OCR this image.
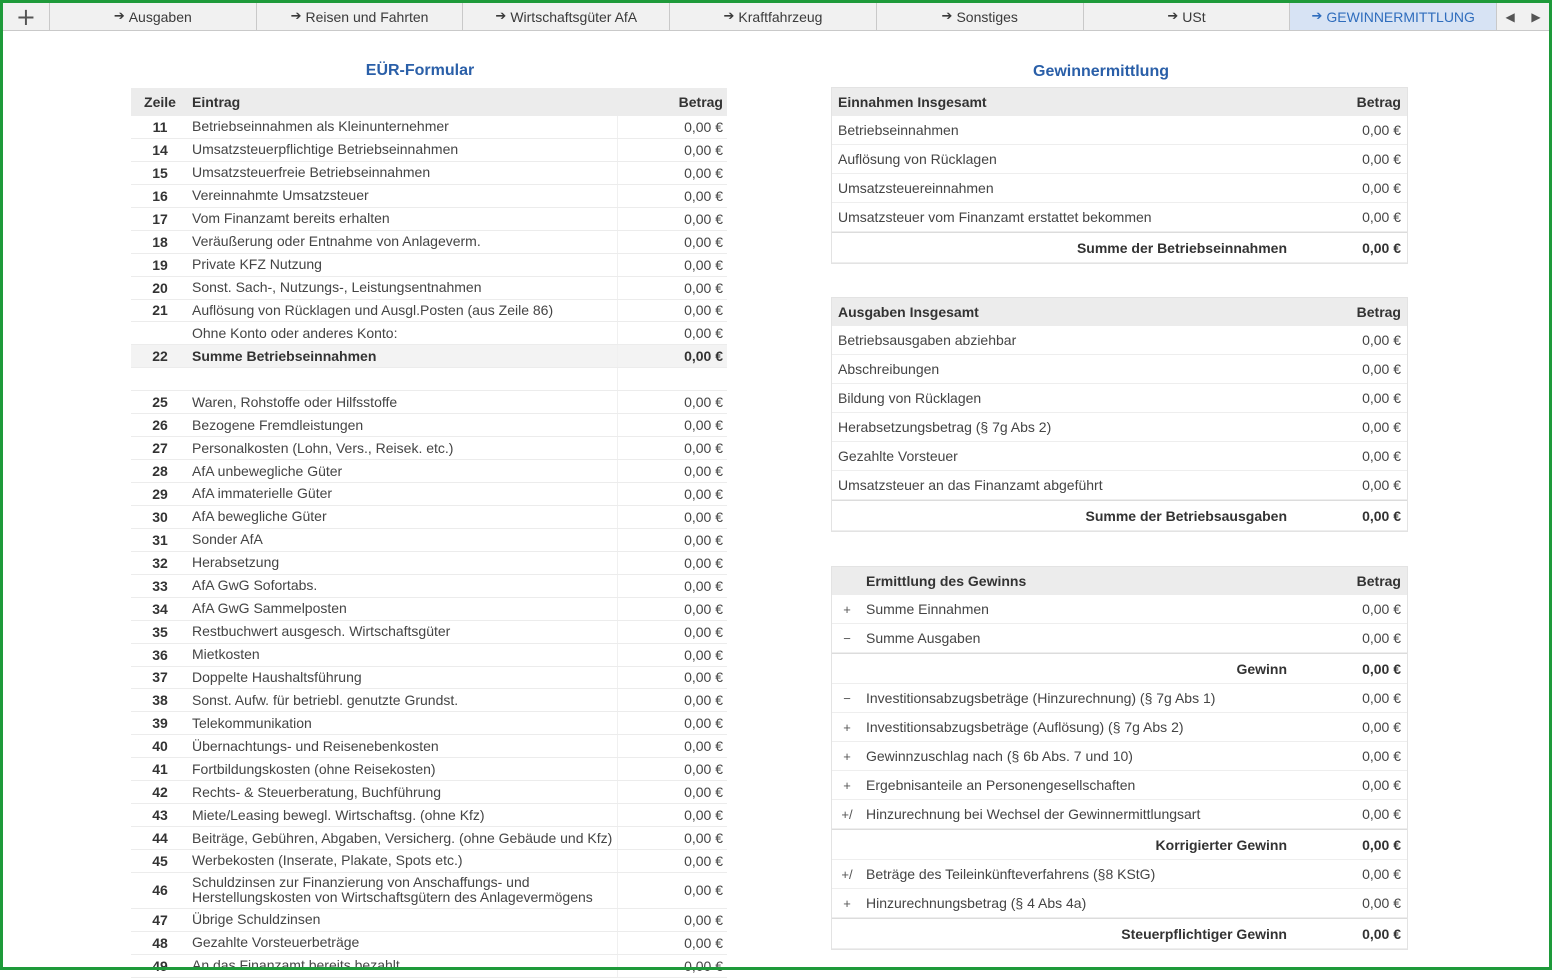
+	➔ Ausgaben	➔ Reisen und Fahrten	➔ Wirtschaftsgüter AfA	➔ Kraftfahrzeug	➔ Sonstiges	➔ USt	➔ GEWINNERMITTLUNG	◀	▶
EÜR-Formular	Gewinnermittlung
Zeile	Eintrag	Betrag
11	Betriebseinnahmen als Kleinunternehmer	0,00 €
14	Umsatzsteuerpflichtige Betriebseinnahmen	0,00 €
15	Umsatzsteuerfreie Betriebseinnahmen	0,00 €
16	Vereinnahmte Umsatzsteuer	0,00 €
17	Vom Finanzamt bereits erhalten	0,00 €
18	Veräußerung oder Entnahme von Anlageverm.	0,00 €
19	Private KFZ Nutzung	0,00 €
20	Sonst. Sach-, Nutzungs-, Leistungsentnahmen	0,00 €
21	Auflösung von Rücklagen und Ausgl.Posten (aus Zeile 86)	0,00 €
Ohne Konto oder anderes Konto:	0,00 €
22	Summe Betriebseinnahmen	0,00 €
25	Waren, Rohstoffe oder Hilfsstoffe	0,00 €
26	Bezogene Fremdleistungen	0,00 €
27	Personalkosten (Lohn, Vers., Reisek. etc.)	0,00 €
28	AfA unbewegliche Güter	0,00 €
29	AfA immaterielle Güter	0,00 €
30	AfA bewegliche Güter	0,00 €
31	Sonder AfA	0,00 €
32	Herabsetzung	0,00 €
33	AfA GwG Sofortabs.	0,00 €
34	AfA GwG Sammelposten	0,00 €
35	Restbuchwert ausgesch. Wirtschaftsgüter	0,00 €
36	Mietkosten	0,00 €
37	Doppelte Haushaltsführung	0,00 €
38	Sonst. Aufw. für betriebl. genutzte Grundst.	0,00 €
39	Telekommunikation	0,00 €
40	Übernachtungs- und Reisenebenkosten	0,00 €
41	Fortbildungskosten (ohne Reisekosten)	0,00 €
42	Rechts- & Steuerberatung, Buchführung	0,00 €
43	Miete/Leasing bewegl. Wirtschaftsg. (ohne Kfz)	0,00 €
44	Beiträge, Gebühren, Abgaben, Versicherg. (ohne Gebäude und Kfz)	0,00 €
45	Werbekosten (Inserate, Plakate, Spots etc.)	0,00 €
46	Schuldzinsen zur Finanzierung von Anschaffungs- und Herstellungskosten von Wirtschaftsgütern des Anlagevermögens	0,00 €
47	Übrige Schuldzinsen	0,00 €
48	Gezahlte Vorsteuerbeträge	0,00 €
49	An das Finanzamt bereits bezahlt	0,00 €
Einnahmen Insgesamt	Betrag
Betriebseinnahmen	0,00 €
Auflösung von Rücklagen	0,00 €
Umsatzsteuereinnahmen	0,00 €
Umsatzsteuer vom Finanzamt erstattet bekommen	0,00 €
Summe der Betriebseinnahmen	0,00 €
Ausgaben Insgesamt	Betrag
Betriebsausgaben abziehbar	0,00 €
Abschreibungen	0,00 €
Bildung von Rücklagen	0,00 €
Herabsetzungsbetrag (§ 7g Abs 2)	0,00 €
Gezahlte Vorsteuer	0,00 €
Umsatzsteuer an das Finanzamt abgeführt	0,00 €
Summe der Betriebsausgaben	0,00 €
Ermittlung des Gewinns	Betrag
+	Summe Einnahmen	0,00 €
−	Summe Ausgaben	0,00 €
Gewinn	0,00 €
−	Investitionsabzugsbeträge (Hinzurechnung) (§ 7g Abs 1)	0,00 €
+	Investitionsabzugsbeträge (Auflösung) (§ 7g Abs 2)	0,00 €
+	Gewinnzuschlag nach (§ 6b Abs. 7 und 10)	0,00 €
+	Ergebnisanteile an Personengesellschaften	0,00 €
+/ Hinzurechnung bei Wechsel der Gewinnermittlungsart	0,00 €
Korrigierter Gewinn	0,00 €
+/ Beträge des Teileinkünfteverfahrens (§8 KStG)	0,00 €
+	Hinzurechnungsbetrag (§ 4 Abs 4a)	0,00 €
Steuerpflichtiger Gewinn	0,00 €
